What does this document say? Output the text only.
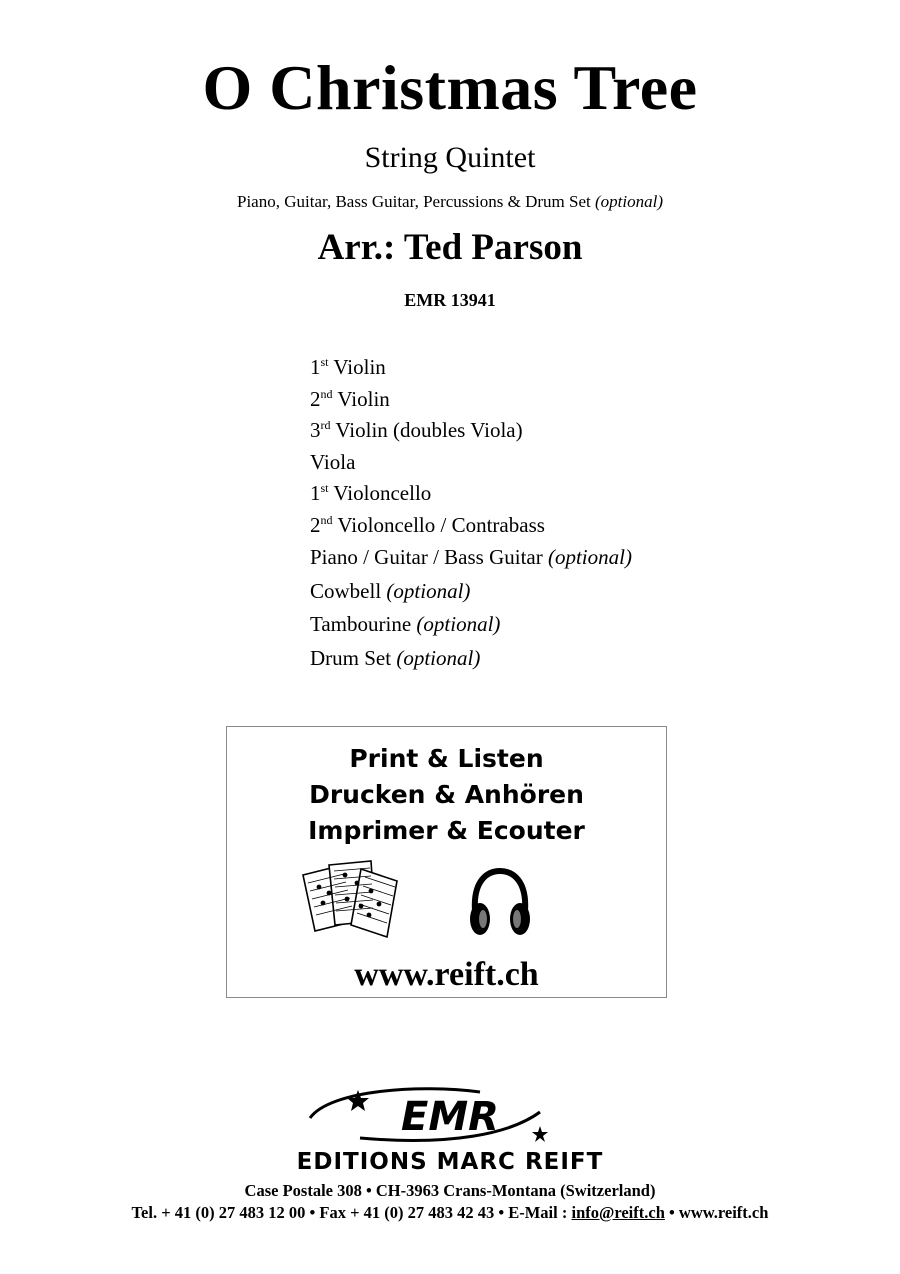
O Christmas Tree
String Quintet
Piano, Guitar, Bass Guitar, Percussions & Drum Set (optional)
Arr.: Ted Parson
EMR 13941
1st Violin
2nd Violin
3rd Violin (doubles Viola)
Viola
1st Violoncello
2nd Violoncello / Contrabass
Piano / Guitar / Bass Guitar (optional)
Cowbell (optional)
Tambourine (optional)
Drum Set (optional)
Print & Listen
Drucken & Anhören
Imprimer & Ecouter
www.reift.ch
EMR
EDITIONS MARC REIFT
Case Postale 308 • CH-3963 Crans-Montana (Switzerland)
Tel. + 41 (0) 27 483 12 00 • Fax + 41 (0) 27 483 42 43 • E-Mail : info@reift.ch • www.reift.ch
